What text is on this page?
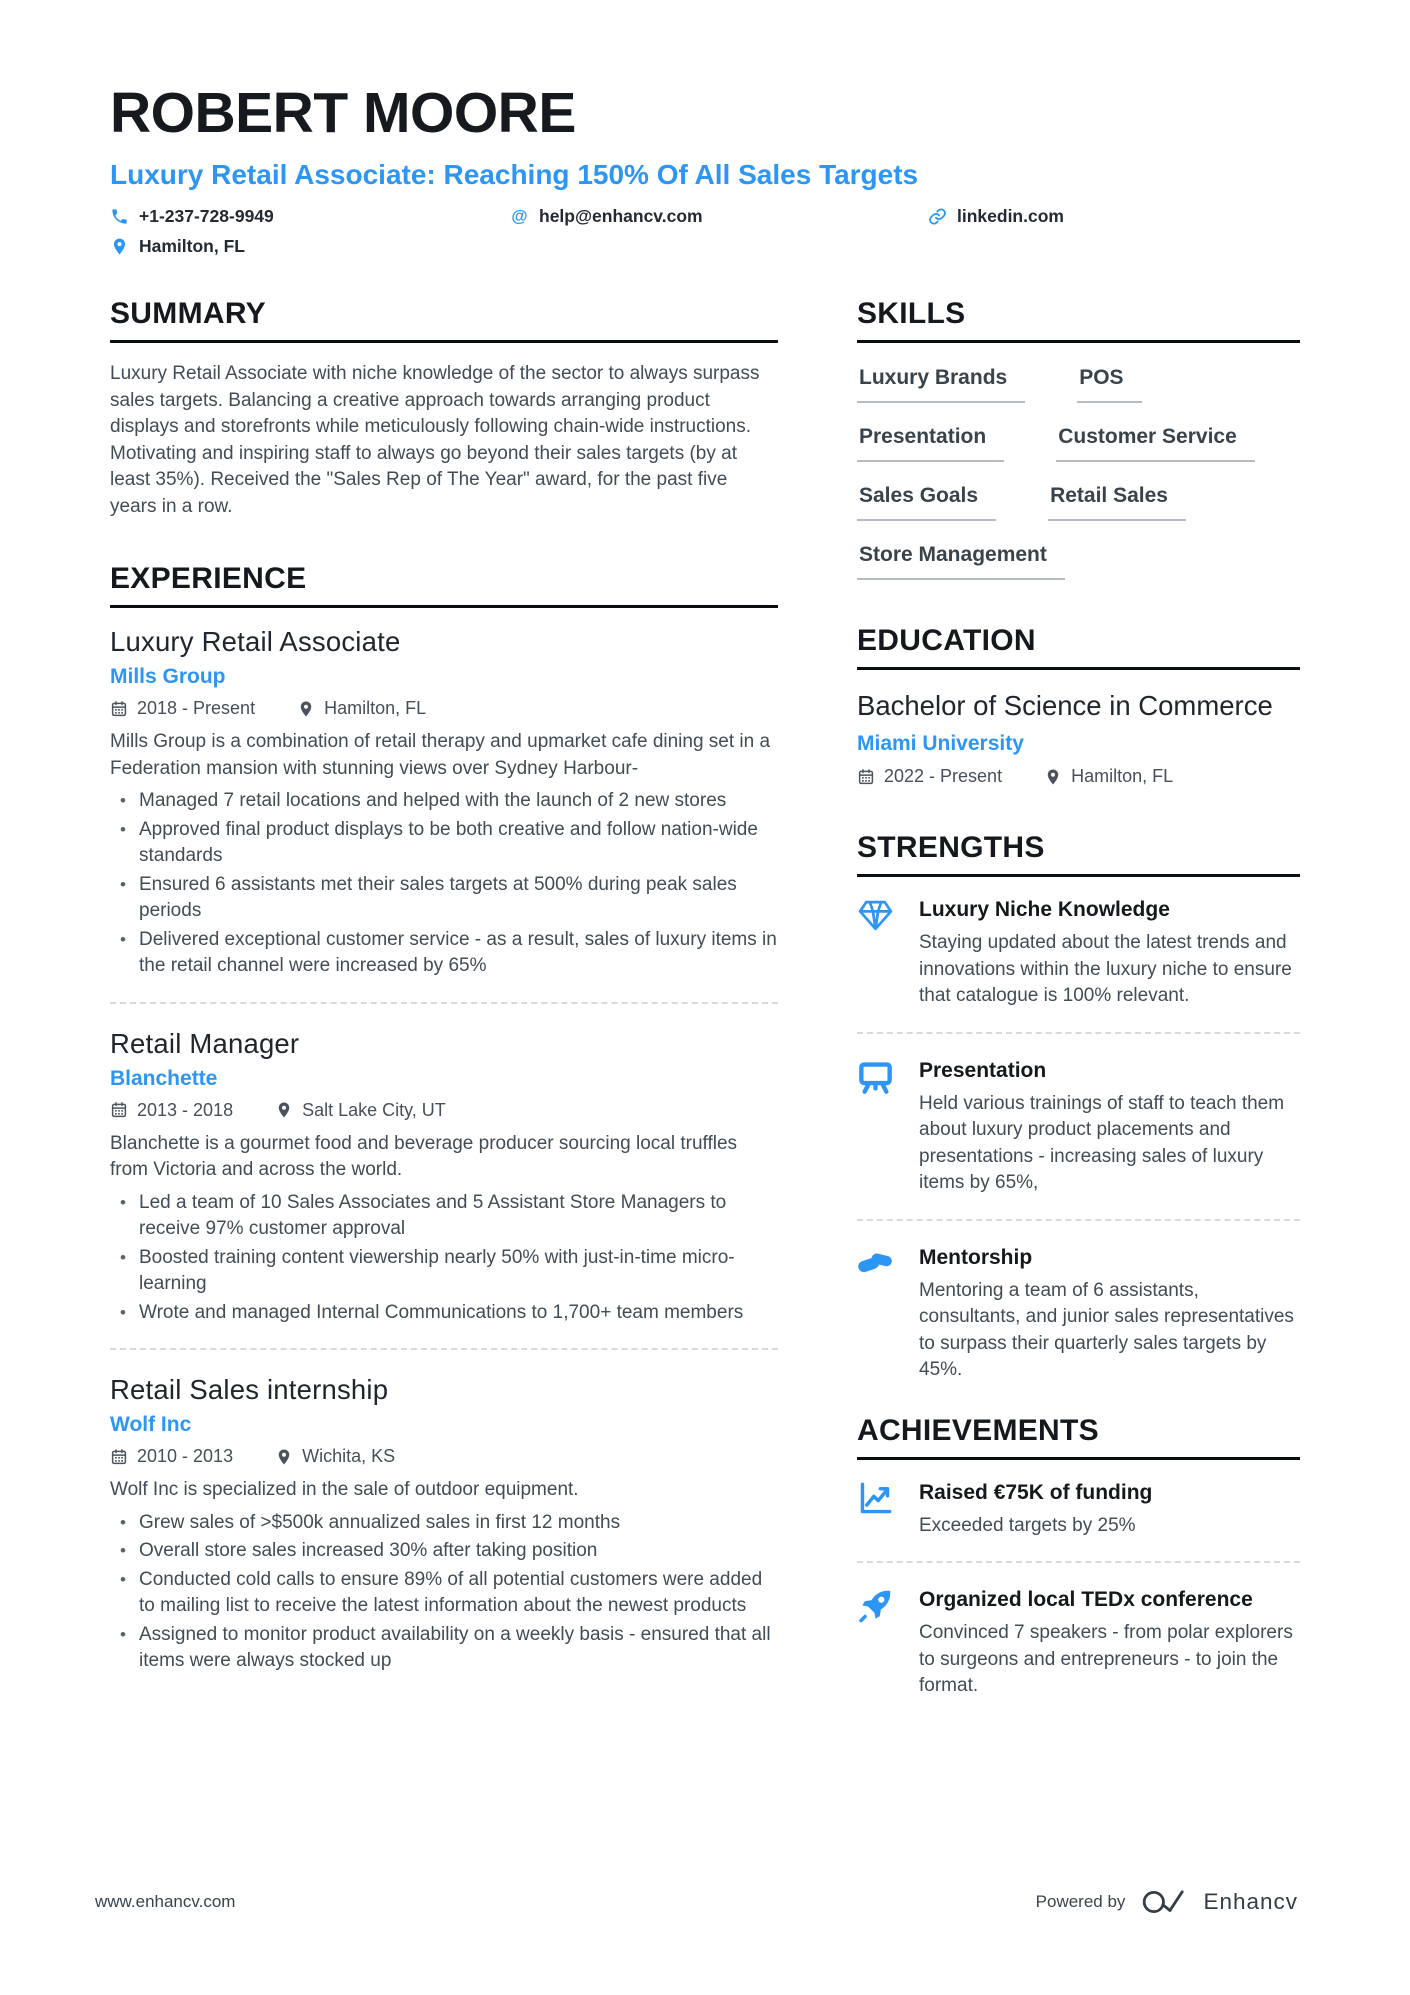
ROBERT MOORE
Luxury Retail Associate: Reaching 150% Of All Sales Targets
+1-237-728-9949	help@enhancv.com	linkedin.com
Hamilton, FL
SUMMARY

Luxury Retail Associate with niche knowledge of the sector to always surpass sales targets. Balancing a creative approach towards arranging product displays and storefronts while meticulously following chain-wide instructions. Motivating and inspiring staff to always go beyond their sales targets (by at least 35%). Received the "Sales Rep of The Year" award, for the past five years in a row.

EXPERIENCE
Luxury Retail Associate
Mills Group
2018 - Present	Hamilton, FL

Mills Group is a combination of retail therapy and upmarket cafe dining set in a Federation mansion with stunning views over Sydney Harbour-

• Managed 7 retail locations and helped with the launch of 2 new stores
• Approved final product displays to be both creative and follow nation-wide standards
• Ensured 6 assistants met their sales targets at 500% during peak sales periods
• Delivered exceptional customer service - as a result, sales of luxury items in the retail channel were increased by 65%
Retail Manager
Blanchette
2013 - 2018	Salt Lake City, UT

Blanchette is a gourmet food and beverage producer sourcing local truffles from Victoria and across the world.

• Led a team of 10 Sales Associates and 5 Assistant Store Managers to receive 97% customer approval
• Boosted training content viewership nearly 50% with just-in-time micro-learning
• Wrote and managed Internal Communications to 1,700+ team members
Retail Sales internship
Wolf Inc
2010 - 2013	Wichita, KS

Wolf Inc is specialized in the sale of outdoor equipment.

• Grew sales of >$500k annualized sales in first 12 months
• Overall store sales increased 30% after taking position
• Conducted cold calls to ensure 89% of all potential customers were added to mailing list to receive the latest information about the newest products
• Assigned to monitor product availability on a weekly basis - ensured that all items were always stocked up
SKILLS
Luxury Brands	POS
Presentation	Customer Service
Sales Goals	Retail Sales
Store Management
EDUCATION
Bachelor of Science in Commerce
Miami University
2022 - Present	Hamilton, FL
STRENGTHS
Luxury Niche Knowledge
Staying updated about the latest trends and innovations within the luxury niche to ensure that catalogue is 100% relevant.
Presentation
Held various trainings of staff to teach them about luxury product placements and presentations - increasing sales of luxury items by 65%,
Mentorship
Mentoring a team of 6 assistants, consultants, and junior sales representatives to surpass their quarterly sales targets by 45%.
ACHIEVEMENTS
Raised €75K of funding
Exceeded targets by 25%
Organized local TEDx conference
Convinced 7 speakers - from polar explorers to surgeons and entrepreneurs - to join the format.
www.enhancv.com	Powered by	Enhancv
